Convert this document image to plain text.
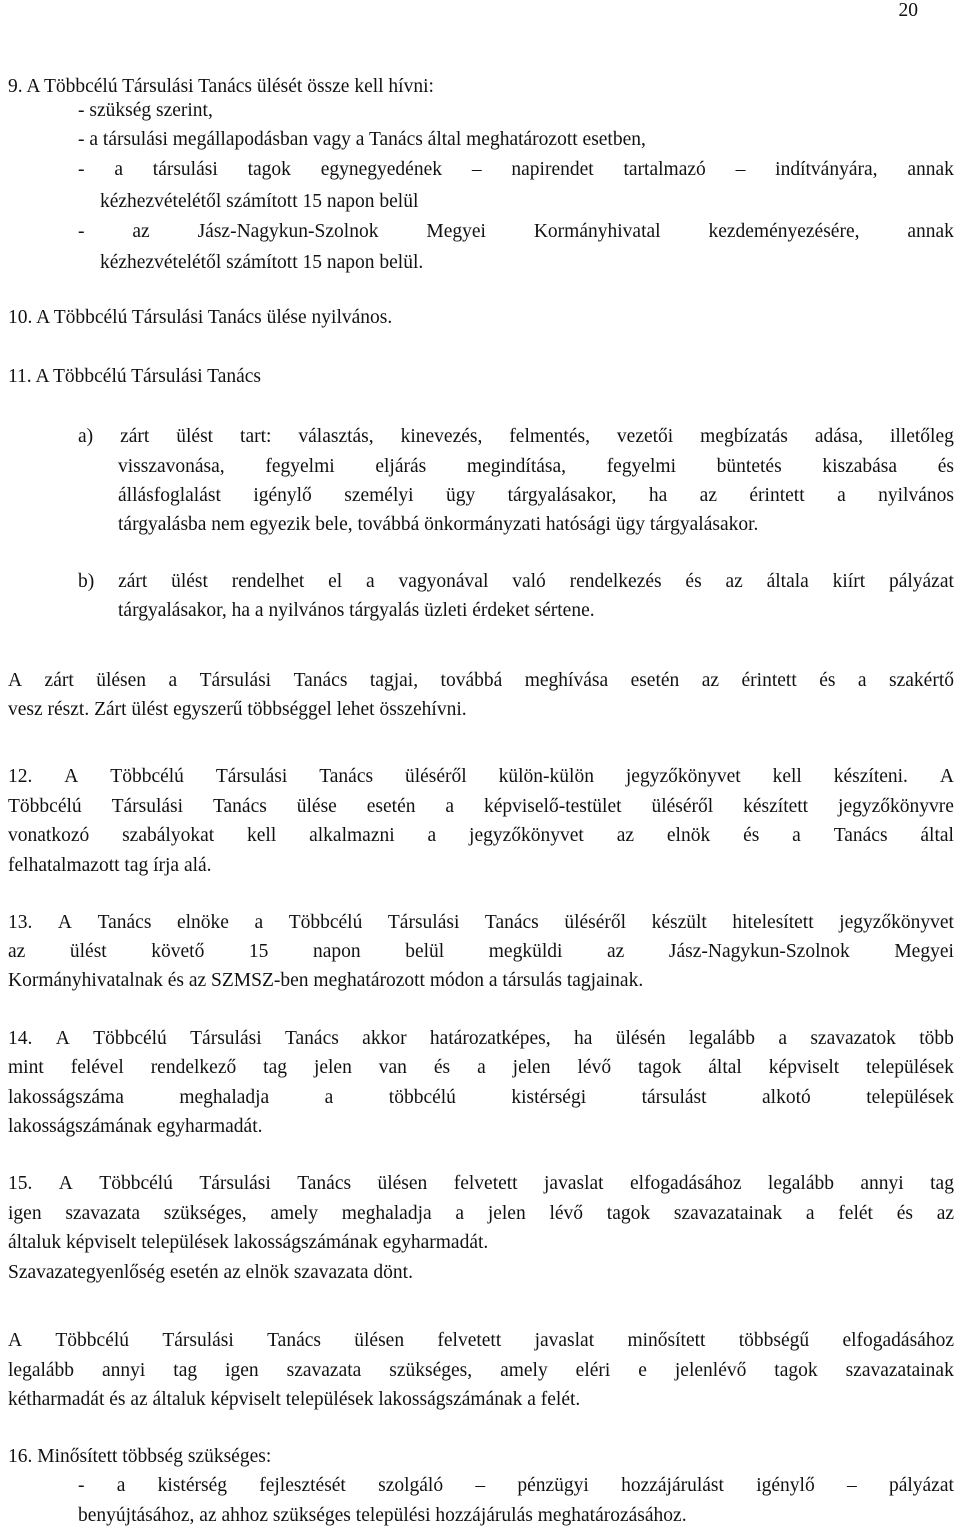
20
9. A Többcélú Társulási Tanács ülését össze kell hívni:
- szükség szerint,
- a társulási megállapodásban vagy a Tanács által meghatározott esetben,
- a társulási tagok egynegyedének – napirendet tartalmazó – indítványára, annak
kézhezvételétől számított 15 napon belül
- az Jász-Nagykun-Szolnok Megyei Kormányhivatal kezdeményezésére, annak
kézhezvételétől számított 15 napon belül.
10. A Többcélú Társulási Tanács ülése nyilvános.
11. A Többcélú Társulási Tanács
a) zárt ülést tart: választás, kinevezés, felmentés, vezetői megbízatás adása, illetőleg
visszavonása, fegyelmi eljárás megindítása, fegyelmi büntetés kiszabása és
állásfoglalást igénylő személyi ügy tárgyalásakor, ha az érintett a nyilvános
tárgyalásba nem egyezik bele, továbbá önkormányzati hatósági ügy tárgyalásakor.
b) zárt ülést rendelhet el a vagyonával való rendelkezés és az általa kiírt pályázat
tárgyalásakor, ha a nyilvános tárgyalás üzleti érdeket sértene.
A zárt ülésen a Társulási Tanács tagjai, továbbá meghívása esetén az érintett és a szakértő
vesz részt. Zárt ülést egyszerű többséggel lehet összehívni.
12. A Többcélú Társulási Tanács üléséről külön-külön jegyzőkönyvet kell készíteni. A
Többcélú Társulási Tanács ülése esetén a képviselő-testület üléséről készített jegyzőkönyvre
vonatkozó szabályokat kell alkalmazni a jegyzőkönyvet az elnök és a Tanács által
felhatalmazott tag írja alá.
13. A Tanács elnöke a Többcélú Társulási Tanács üléséről készült hitelesített jegyzőkönyvet
az ülést követő 15 napon belül megküldi az Jász-Nagykun-Szolnok Megyei
Kormányhivatalnak és az SZMSZ-ben meghatározott módon a társulás tagjainak.
14. A Többcélú Társulási Tanács akkor határozatképes, ha ülésén legalább a szavazatok több
mint felével rendelkező tag jelen van és a jelen lévő tagok által képviselt települések
lakosságszáma	meghaladja	a	többcélú	kistérségi	társulást	alkotó	települések
lakosságszámának egyharmadát.
15. A Többcélú Társulási Tanács ülésen felvetett javaslat elfogadásához legalább annyi tag
igen szavazata szükséges, amely meghaladja a jelen lévő tagok szavazatainak a felét és az
általuk képviselt települések lakosságszámának egyharmadát.
Szavazategyenlőség esetén az elnök szavazata dönt.
A Többcélú Társulási Tanács ülésen felvetett javaslat minősített többségű elfogadásához
legalább annyi tag igen szavazata szükséges, amely eléri e jelenlévő tagok szavazatainak
kétharmadát és az általuk képviselt települések lakosságszámának a felét.
16. Minősített többség szükséges:
- a kistérség fejlesztését szolgáló – pénzügyi hozzájárulást igénylő – pályázat
benyújtásához, az ahhoz szükséges települési hozzájárulás meghatározásához.
